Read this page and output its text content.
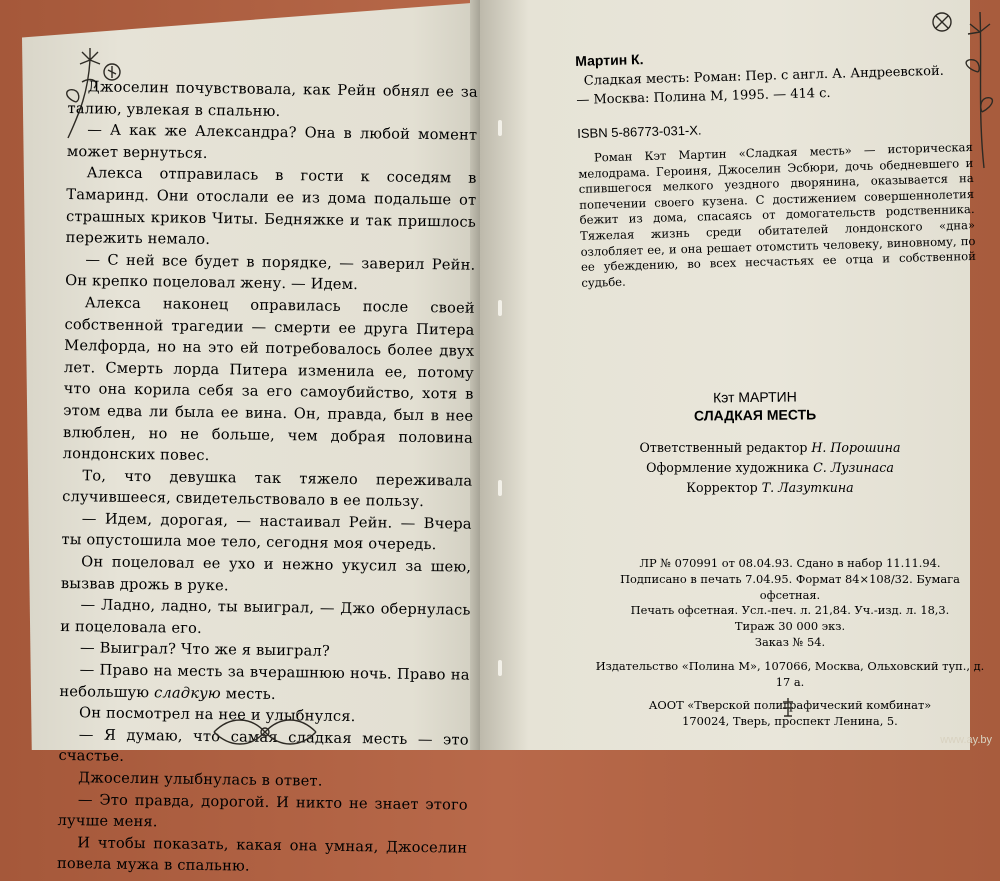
Джоселин почувствовала, как Рейн обнял ее за талию, увлекая в спальню.

— А как же Александра? Она в любой момент может вернуться.

Алекса отправилась в гости к соседям в Тамаринд. Они отослали ее из дома подальше от страшных криков Читы. Бедняжке и так пришлось пережить немало.

— С ней все будет в порядке, — заверил Рейн. Он крепко поцеловал жену. — Идем.

Алекса наконец оправилась после своей собственной трагедии — смерти ее друга Питера Мелфорда, но на это ей потребовалось более двух лет. Смерть лорда Питера изменила ее, потому что она корила себя за его самоубийство, хотя в этом едва ли была ее вина. Он, правда, был в нее влюблен, но не больше, чем добрая половина лондонских повес.

То, что девушка так тяжело переживала случившееся, свидетельствовало в ее пользу.

— Идем, дорогая, — настаивал Рейн. — Вчера ты опустошила мое тело, сегодня моя очередь.

Он поцеловал ее ухо и нежно укусил за шею, вызвав дрожь в руке.

— Ладно, ладно, ты выиграл, — Джо обернулась и поцеловала его.

— Выиграл? Что же я выиграл?

— Право на месть за вчерашнюю ночь. Право на небольшую сладкую месть.

Он посмотрел на нее и улыбнулся.

— Я думаю, что самая сладкая месть — это счастье.

Джоселин улыбнулась в ответ.

— Это правда, дорогой. И никто не знает этого лучше меня.

И чтобы показать, какая она умная, Джоселин повела мужа в спальню.

Мартин К.
Сладкая месть: Роман: Пер. с англ. А. Андреевской.
— Москва: Полина М, 1995. — 414 с.
ISBN 5-86773-031-Х.
Роман Кэт Мартин «Сладкая месть» — историческая мелодрама. Героиня, Джоселин Эсбюри, дочь обедневшего и спившегося мелкого уездного дворянина, оказывается на попечении своего кузена. С достижением совершеннолетия бежит из дома, спасаясь от домогательств родственника. Тяжелая жизнь среди обитателей лондонского «дна» озлобляет ее, и она решает отомстить человеку, виновному, по ее убеждению, во всех несчастьях ее отца и собственной судьбе.
Кэт МАРТИН
СЛАДКАЯ МЕСТЬ
Ответственный редактор Н. Порошина
Оформление художника С. Лузинаса
Корректор Т. Лазуткина
ЛР № 070991 от 08.04.93. Сдано в набор 11.11.94.
Подписано в печать 7.04.95. Формат 84×108/32. Бумага офсетная.
Печать офсетная. Усл.-печ. л. 21,84. Уч.-изд. л. 18,3.
Тираж 30 000 экз.
Заказ № 54.
Издательство «Полина М», 107066, Москва, Ольховский туп., д. 17 а.
АООТ «Тверской полиграфический комбинат»
170024, Тверь, проспект Ленина, 5.
www.ay.by
